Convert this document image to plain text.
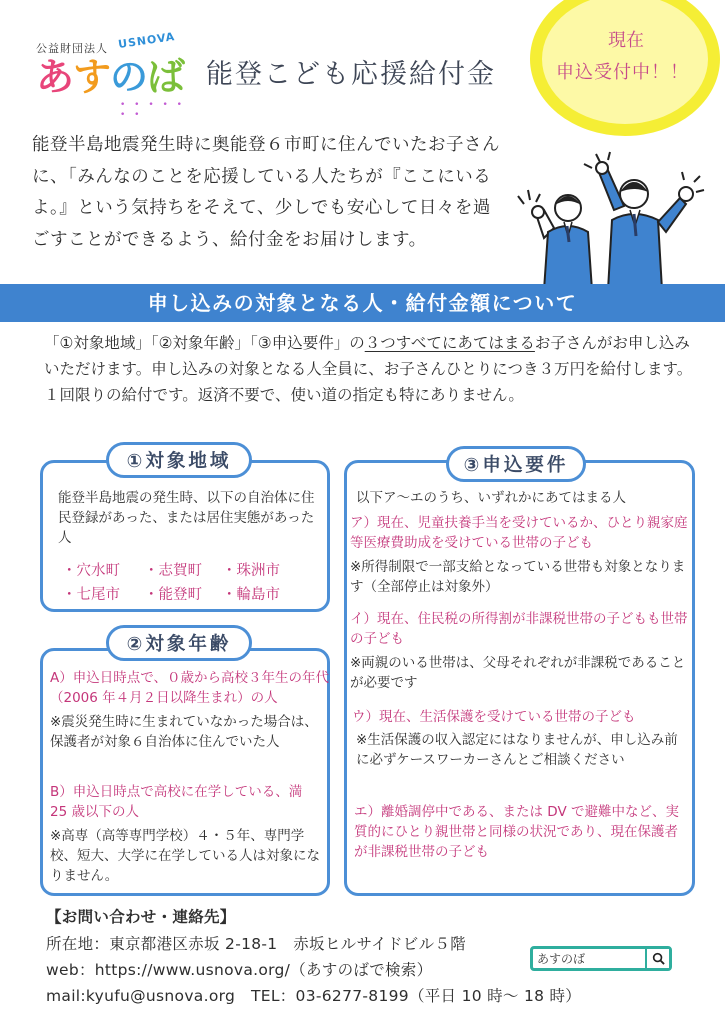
公益財団法人 USNOVA
あすのば
• • • • • • •
能登こども応援給付金
現在
申込受付中！！
能登半島地震発生時に奥能登６市町に住んでいたお子さんに、「みんなのことを応援している人たちが『ここにいるよ。』という気持ちをそえて、少しでも安心して日々を過ごすことができるよう、給付金をお届けします。
申し込みの対象となる人・給付金額について
「①対象地域」「②対象年齢」「③申込要件」の３つすべてにあてはまるお子さんがお申し込みいただけます。申し込みの対象となる人全員に、お子さんひとりにつき３万円を給付します。１回限りの給付です。返済不要で、使い道の指定も特にありません。
①対象地域
能登半島地震の発生時、以下の自治体に住民登録があった、または居住実態があった人
・穴水町 ・志賀町 ・珠洲市
・七尾市 ・能登町 ・輪島市
②対象年齢
A）申込日時点で、０歳から高校３年生の年代（2006 年４月２日以降生まれ）の人
※震災発生時に生まれていなかった場合は、保護者が対象６自治体に住んでいた人
B）申込日時点で高校に在学している、満 25 歳以下の人
※高専（高等専門学校）４・５年、専門学校、短大、大学に在学している人は対象になりません。
③申込要件
以下ア〜エのうち、いずれかにあてはまる人
ア）現在、児童扶養手当を受けているか、ひとり親家庭等医療費助成を受けている世帯の子ども
※所得制限で一部支給となっている世帯も対象となります（全部停止は対象外）
イ）現在、住民税の所得割が非課税世帯の子どもも世帯の子ども
※両親のいる世帯は、父母それぞれが非課税であることが必要です
ウ）現在、生活保護を受けている世帯の子ども
※生活保護の収入認定にはなりませんが、申し込み前に必ずケースワーカーさんとご相談ください
エ）離婚調停中である、または DV で避難中など、実質的にひとり親世帯と同様の状況であり、現在保護者が非課税世帯の子ども
【お問い合わせ・連絡先】
所在地：東京都港区赤坂 2-18-1　赤坂ヒルサイドビル５階
web：https://www.usnova.org/（あすのばで検索）
mail:kyufu@usnova.org　TEL：03-6277-8199（平日 10 時～ 18 時）
あすのば
